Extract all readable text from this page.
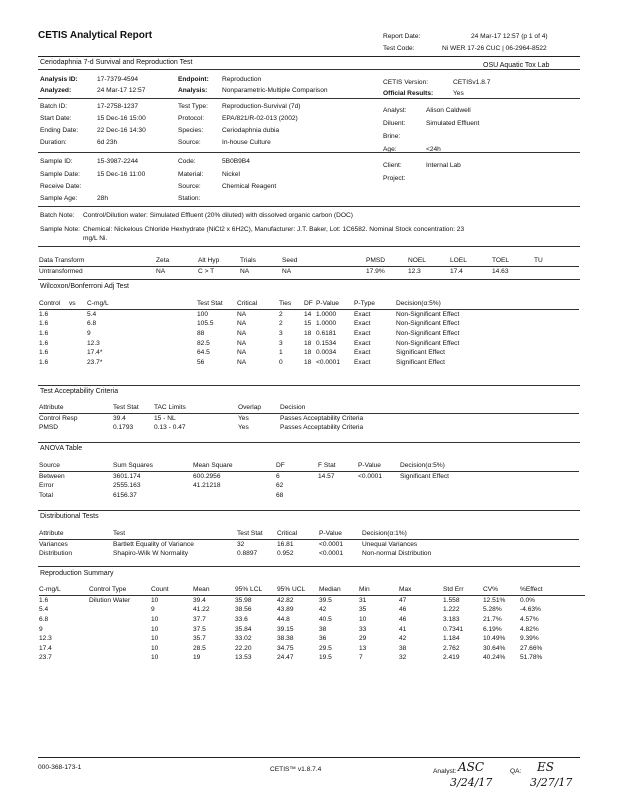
CETIS Analytical Report	Report Date:	24 Mar-17 12:57 (p 1 of 4)
Test Code:	Ni WER 17-26 CUC | 06-2964-8522
Ceriodaphnia 7-d Survival and Reproduction Test	OSU Aquatic Tox Lab
Analysis ID:	17-7379-4594	Endpoint: Reproduction	CETIS Version:	CETISv1.8.7
Analyzed:	24 Mar-17 12:57	Analysis: Nonparametric-Multiple Comparison	Official Results:	Yes
Batch ID:	17-2758-1237	Test Type: Reproduction-Survival (7d)
Analyst:	Alison Caldwell
Start Date:	15 Dec-16 15:00	Protocol:	EPA/821/R-02-013 (2002)
Diluent:	Simulated Effluent
Ending Date:	22 Dec-16 14:30	Species:	Ceriodaphnia dubia
Brine:
Duration:	6d 23h	Source:	In-house Culture
Age:	<24h
Sample ID:	15-3987-2244	Code:	5B0B9B4
Client:	Internal Lab
Sample Date:	15 Dec-16 11:00	Material:	Nickel
Project:
Receive Date:	Source:	Chemical Reagent
Sample Age:	28h	Station:
Batch Note: Control/Dilution water: Simulated Effluent (20% diluted) with dissolved organic carbon (DOC)
Sample Note: Chemical: Nickelous Chloride Hexhydrate (NiCl2 x 6H2C), Manufacturer: J.T. Baker, Lot: 1C6582. Nominal Stock concentration: 23
mg/L Ni.
Data Transform	Zeta	Alt Hyp	Trials	Seed		PMSD	NOEL	LOEL	TOEL	TU
Untransformed	NA	C > T	NA	NA		17.9%	12.3	17.4	14.63	
Wilcoxon/Bonferroni Adj Test
Control	vs	C-mg/L	Test Stat	Critical	Ties	DF	P-Value	P-Type	Decision(α:5%)
1.6		5.4	100	NA	2	14	1.0000	Exact	Non-Significant Effect
1.6		6.8	105.5	NA	2	15	1.0000	Exact	Non-Significant Effect
1.6		9	88	NA	3	18	0.6181	Exact	Non-Significant Effect
1.6		12.3	82.5	NA	3	18	0.1534	Exact	Non-Significant Effect
1.6		17.4*	64.5	NA	1	18	0.0034	Exact	Significant Effect
1.6		23.7*	56	NA	0	18	<0.0001	Exact	Significant Effect
Test Acceptability Criteria
Attribute	Test Stat	TAC Limits		Overlap	Decision
Control Resp	39.4	15 - NL		Yes	Passes Acceptability Criteria
PMSD	0.1793	0.13 - 0.47		Yes	Passes Acceptability Criteria
ANOVA Table
Source	Sum Squares	Mean Square	DF	F Stat	P-Value	Decision(α:5%)
Between	3601.174	600.2956	6	14.57	<0.0001	Significant Effect
Error	2555.163	41.21218	62			
Total	6156.37		68			
Distributional Tests
Attribute	Test	Test Stat	Critical	P-Value	Decision(α:1%)
Variances	Bartlett Equality of Variance	32	16.81	<0.0001	Unequal Variances
Distribution	Shapiro-Wilk W Normality	0.8897	0.952	<0.0001	Non-normal Distribution
Reproduction Summary
C-mg/L	Control Type	Count	Mean	95% LCL	95% UCL	Median	Min	Max	Std Err	CV%	%Effect
1.6	Dilution Water	10	39.4	35.98	42.82	39.5	31	47	1.558	12.51%	0.0%
5.4		9	41.22	38.56	43.89	42	35	46	1.222	5.28%	-4.63%
6.8		10	37.7	33.6	44.8	40.5	10	46	3.183	21.7%	4.57%
9		10	37.5	35.84	39.15	38	33	41	0.7341	6.19%	4.82%
12.3		10	35.7	33.02	38.38	36	29	42	1.184	10.49%	9.39%
17.4		10	28.5	22.20	34.75	29.5	13	38	2.762	30.64%	27.66%
23.7		10	19	13.53	24.47	19.5	7	32	2.419	40.24%	51.78%
000-368-173-1	CETIS™ v1.8.7.4	Analyst: ASC
3/24/17
QA: ES
3/27/17
